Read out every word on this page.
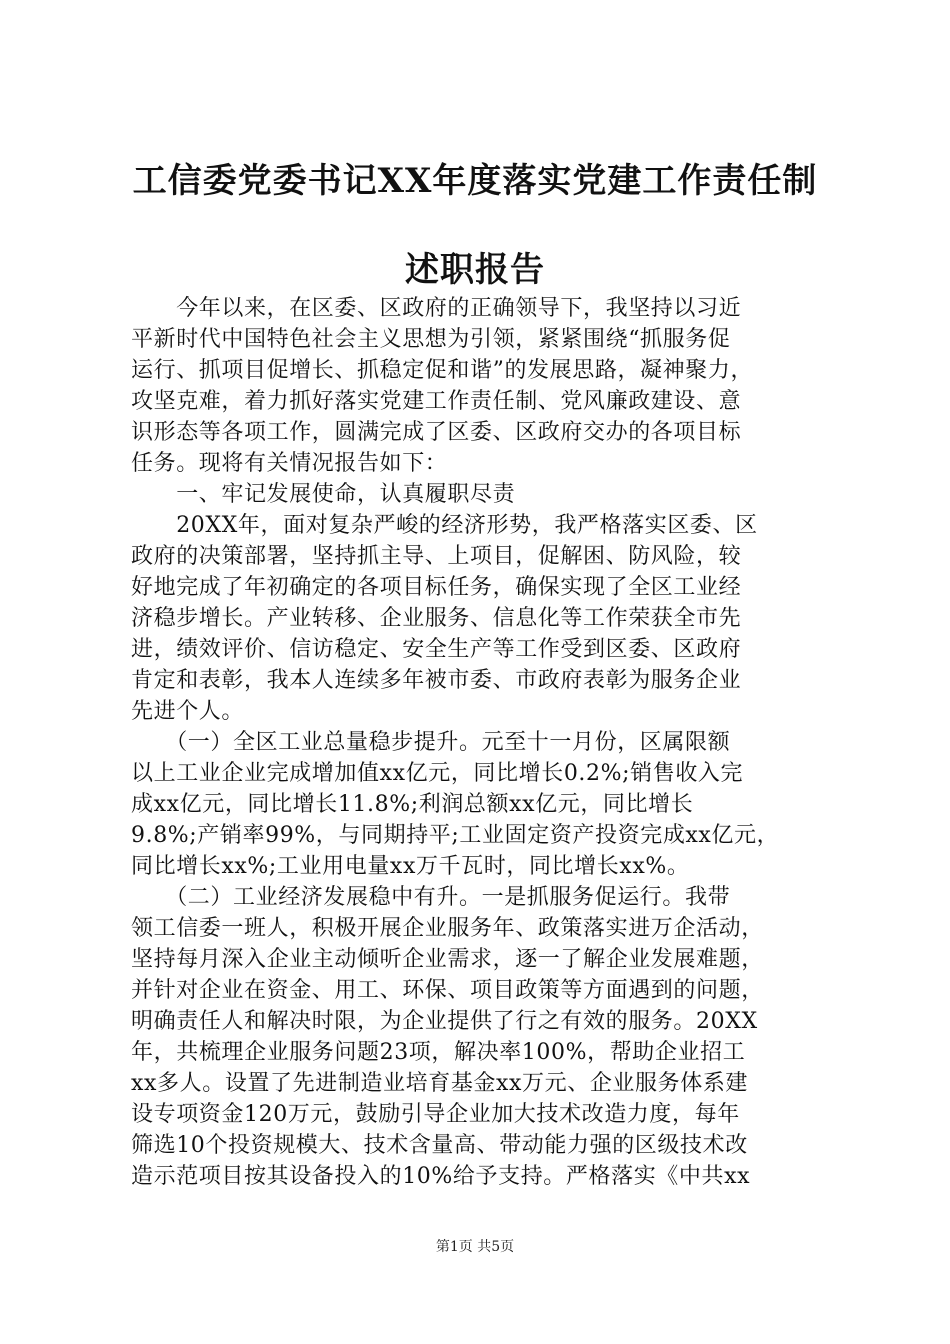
工信委党委书记XX年度落实党建工作责任制
述职报告
　　今年以来，在区委、区政府的正确领导下，我坚持以习近
平新时代中国特色社会主义思想为引领，紧紧围绕“抓服务促
运行、抓项目促增长、抓稳定促和谐”的发展思路，凝神聚力，
攻坚克难，着力抓好落实党建工作责任制、党风廉政建设、意
识形态等各项工作，圆满完成了区委、区政府交办的各项目标
任务。现将有关情况报告如下：
　　一、牢记发展使命，认真履职尽责
　　20XX年，面对复杂严峻的经济形势，我严格落实区委、区
政府的决策部署，坚持抓主导、上项目，促解困、防风险，较
好地完成了年初确定的各项目标任务，确保实现了全区工业经
济稳步增长。产业转移、企业服务、信息化等工作荣获全市先
进，绩效评价、信访稳定、安全生产等工作受到区委、区政府
肯定和表彰，我本人连续多年被市委、市政府表彰为服务企业
先进个人。
　　（一）全区工业总量稳步提升。元至十一月份，区属限额
以上工业企业完成增加值xx亿元，同比增长0.2%;销售收入完
成xx亿元，同比增长11.8%;利润总额xx亿元，同比增长
9.8%;产销率99%，与同期持平;工业固定资产投资完成xx亿元，
同比增长xx%;工业用电量xx万千瓦时，同比增长xx%。
　　（二）工业经济发展稳中有升。一是抓服务促运行。我带
领工信委一班人，积极开展企业服务年、政策落实进万企活动，
坚持每月深入企业主动倾听企业需求，逐一了解企业发展难题，
并针对企业在资金、用工、环保、项目政策等方面遇到的问题，
明确责任人和解决时限，为企业提供了行之有效的服务。20XX
年，共梳理企业服务问题23项，解决率100%，帮助企业招工
xx多人。设置了先进制造业培育基金xx万元、企业服务体系建
设专项资金120万元，鼓励引导企业加大技术改造力度，每年
筛选10个投资规模大、技术含量高、带动能力强的区级技术改
造示范项目按其设备投入的10%给予支持。严格落实《中共xx
第1页 共5页
